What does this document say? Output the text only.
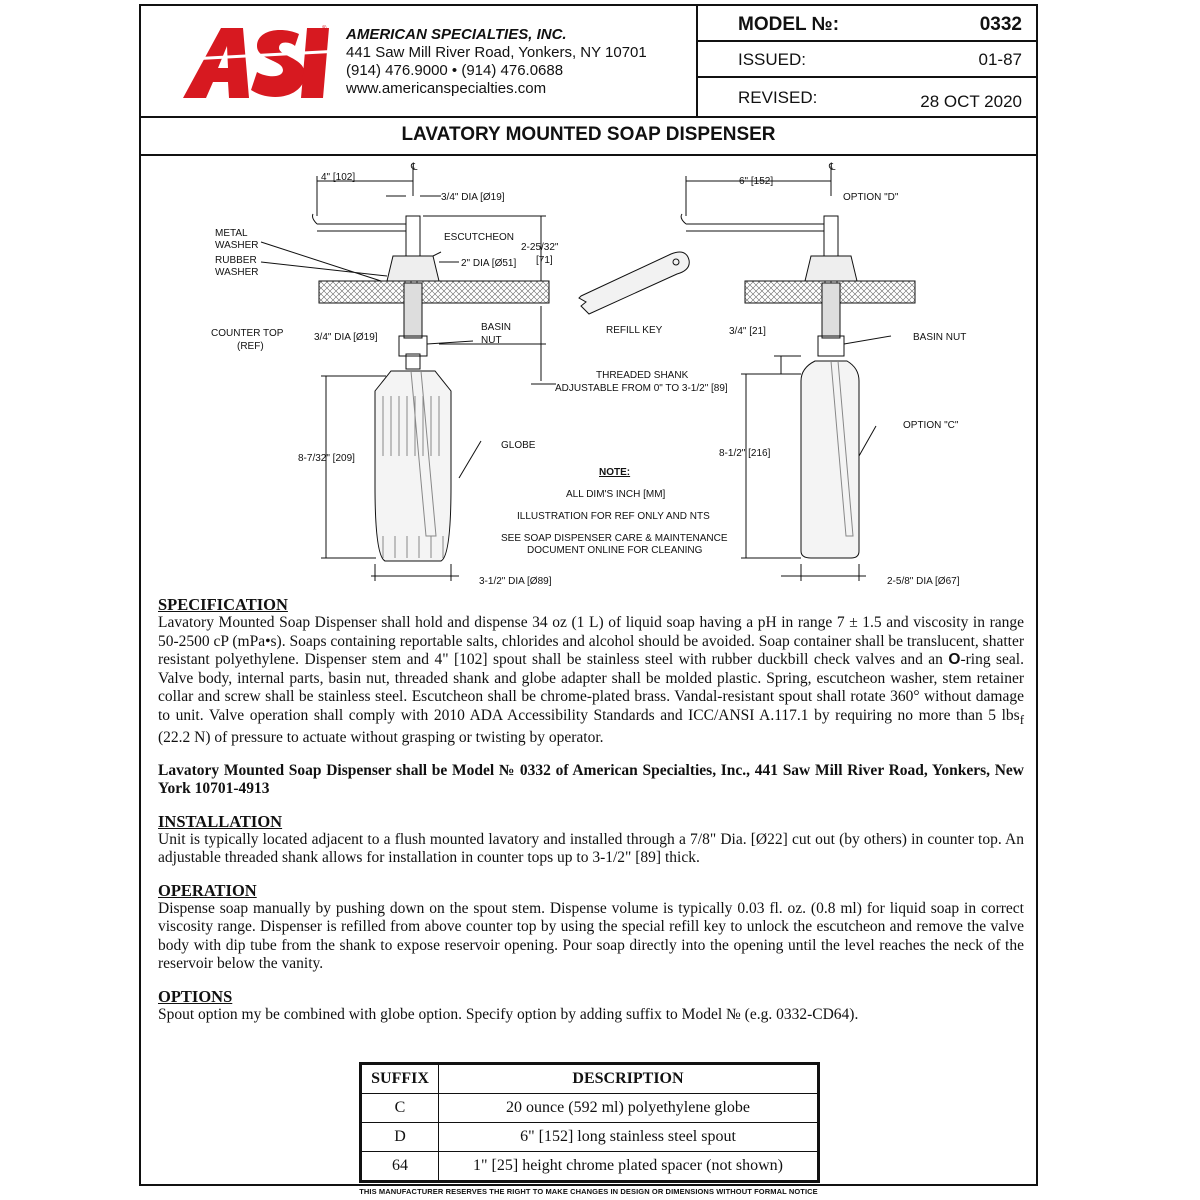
® AMERICAN SPECIALTIES, INC.
441 Saw Mill River Road, Yonkers, NY 10701
(914) 476.9000 • (914) 476.0688
www.americanspecialties.com
MODEL №:	0332
ISSUED:	01-87
REVISED:	28 OCT 2020
LAVATORY MOUNTED SOAP DISPENSER
℄	℄
4" [102]
3/4" DIA [Ø19]
METAL
WASHER
RUBBER
WASHER
ESCUTCHEON
2" DIA [Ø51]
2-25/32"
[71]
COUNTER TOP
(REF)
3/4" DIA [Ø19]
BASIN
NUT
REFILL KEY
THREADED SHANK
ADJUSTABLE FROM 0" TO 3-1/2" [89]
8-7/32" [209]
GLOBE
3-1/2" DIA [Ø89]
NOTE:
ALL DIM'S INCH [MM]
ILLUSTRATION FOR REF ONLY AND NTS
SEE SOAP DISPENSER CARE & MAINTENANCE
DOCUMENT ONLINE FOR CLEANING
6" [152]
OPTION "D"
3/4" [21]
BASIN NUT
OPTION "C"
8-1/2" [216]
2-5/8" DIA [Ø67]
SPECIFICATION

Lavatory Mounted Soap Dispenser shall hold and dispense 34 oz (1 L) of liquid soap having a pH in range 7 ± 1.5 and viscosity in range 50-2500 cP (mPa•s). Soaps containing reportable salts, chlorides and alcohol should be avoided. Soap container shall be translucent, shatter resistant polyethylene. Dispenser stem and 4" [102] spout shall be stainless steel with rubber duckbill check valves and an O-ring seal. Valve body, internal parts, basin nut, threaded shank and globe adapter shall be molded plastic. Spring, escutcheon washer, stem retainer collar and screw shall be stainless steel. Escutcheon shall be chrome-plated brass. Vandal-resistant spout shall rotate 360° without damage to unit. Valve operation shall comply with 2010 ADA Accessibility Standards and ICC/ANSI A.117.1 by requiring no more than 5 lbs$_f$ (22.2 N) of pressure to actuate without grasping or twisting by operator.

Lavatory Mounted Soap Dispenser shall be Model № 0332 of American Specialties, Inc., 441 Saw Mill River Road, Yonkers, New York 10701-4913

INSTALLATION

Unit is typically located adjacent to a flush mounted lavatory and installed through a 7/8" Dia. [Ø22] cut out (by others) in counter top. An adjustable threaded shank allows for installation in counter tops up to 3-1/2" [89] thick.

OPERATION

Dispense soap manually by pushing down on the spout stem. Dispense volume is typically 0.03 fl. oz. (0.8 ml) for liquid soap in correct viscosity range. Dispenser is refilled from above counter top by using the special refill key to unlock the escutcheon and remove the valve body with dip tube from the shank to expose reservoir opening. Pour soap directly into the opening until the level reaches the neck of the reservoir below the vanity.

OPTIONS

Spout option my be combined with globe option. Specify option by adding suffix to Model № (e.g. 0332-CD64).

SUFFIX	DESCRIPTION
C	20 ounce (592 ml) polyethylene globe
D	6" [152] long stainless steel spout
64	1" [25] height chrome plated spacer (not shown)
THIS MANUFACTURER RESERVES THE RIGHT TO MAKE CHANGES IN DESIGN OR DIMENSIONS WITHOUT FORMAL NOTICE
